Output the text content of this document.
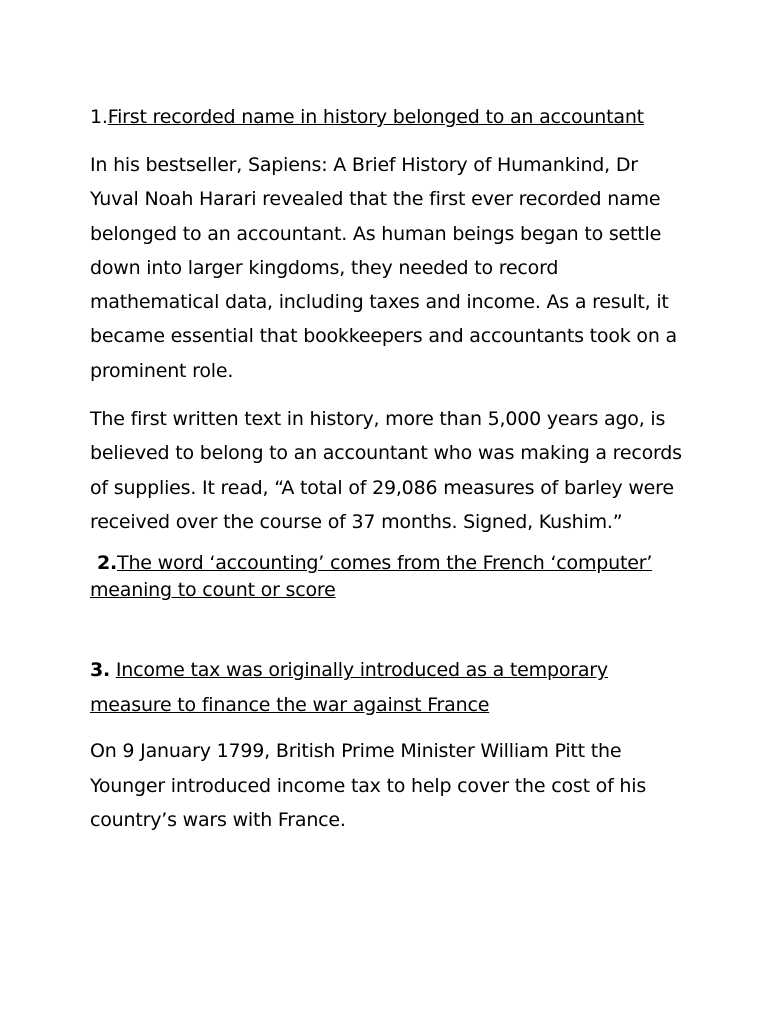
1.First recorded name in history belonged to an accountant

In his bestseller, Sapiens: A Brief History of Humankind, Dr Yuval Noah Harari revealed that the first ever recorded name belonged to an accountant. As human beings began to settle down into larger kingdoms, they needed to record mathematical data, including taxes and income. As a result, it became essential that bookkeepers and accountants took on a prominent role.

The first written text in history, more than 5,000 years ago, is believed to belong to an accountant who was making a records of supplies. It read, “A total of 29,086 measures of barley were received over the course of 37 months. Signed, Kushim.”

2.The word ‘accounting’ comes from the French ‘computer’

meaning to count or score

3. Income tax was originally introduced as a temporary

measure to finance the war against France

On 9 January 1799, British Prime Minister William Pitt the Younger introduced income tax to help cover the cost of his country’s wars with France.
